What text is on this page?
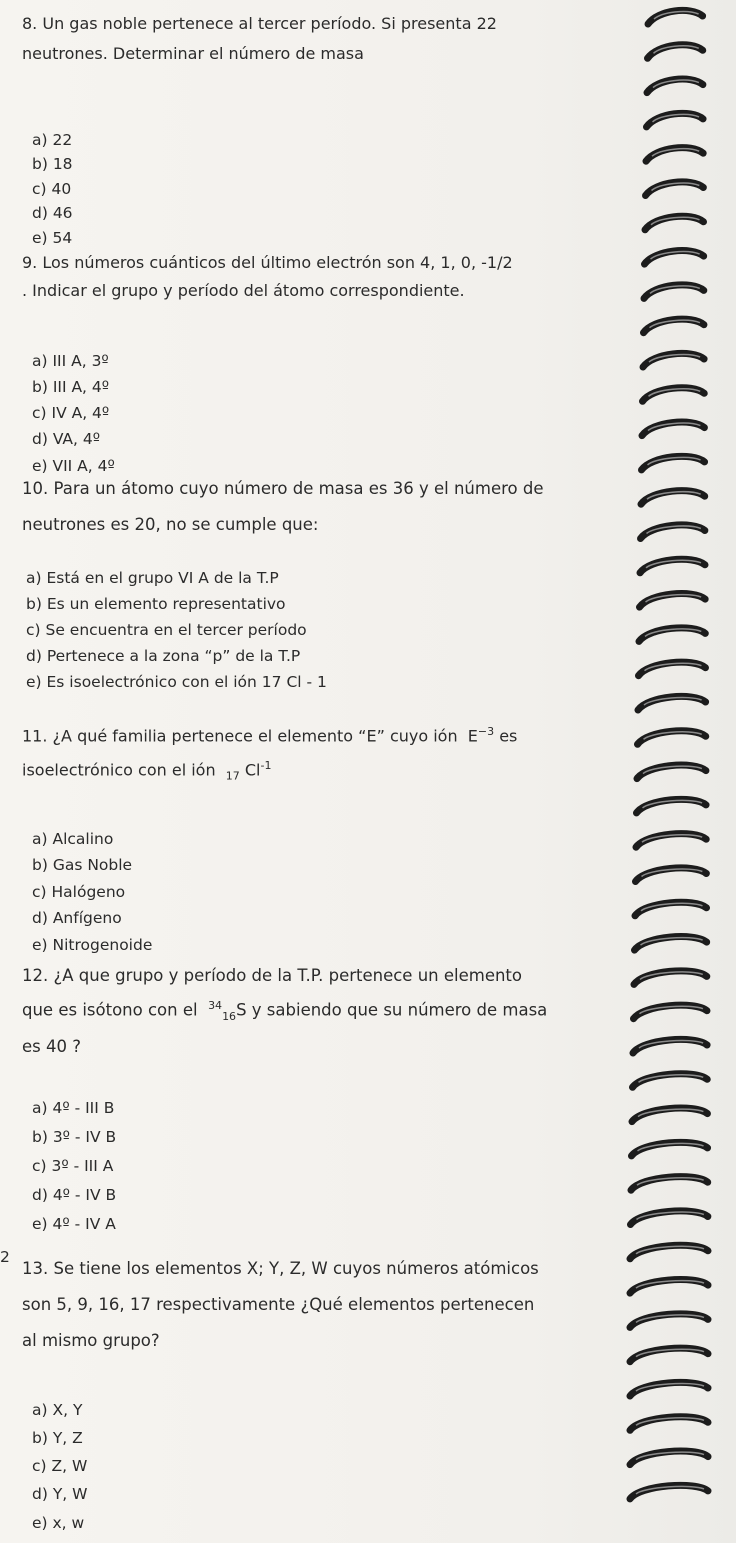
8. Un gas noble pertenece al tercer período. Si presenta 22
neutrones. Determinar el número de masa
a) 22
b) 18
c) 40
d) 46
e) 54
9. Los números cuánticos del último electrón son 4, 1, 0, -1/2
. Indicar el grupo y período del átomo correspondiente.
a) III A, 3º
b) III A, 4º
c) IV A, 4º
d) VA, 4º
e) VII A, 4º
10. Para un átomo cuyo número de masa es 36 y el número de
neutrones es 20, no se cumple que:
a) Está en el grupo VI A de la T.P
b) Es un elemento representativo
c) Se encuentra en el tercer período
d) Pertenece a la zona “p” de la T.P
e) Es isoelectrónico con el ión 17 Cl - 1
11. ¿A qué familia pertenece el elemento “E” cuyo ión $E^{-3}$ es
isoelectrónico con el ión $_{17}$ $Cl^{-1}$
a) Alcalino
b) Gas Noble
c) Halógeno
d) Anfígeno
e) Nitrogenoide
12. ¿A que grupo y período de la T.P. pertenece un elemento
que es isótono con el $^{34}_{16}$S y sabiendo que su número de masa
es 40 ?
a) 4º - III B
b) 3º - IV B
c) 3º - III A
d) 4º - IV B
e) 4º - IV A
2
13. Se tiene los elementos X; Y, Z, W cuyos números atómicos
son 5, 9, 16, 17 respectivamente ¿Qué elementos pertenecen
al mismo grupo?
a) X, Y
b) Y, Z
c) Z, W
d) Y, W
e) x, w
